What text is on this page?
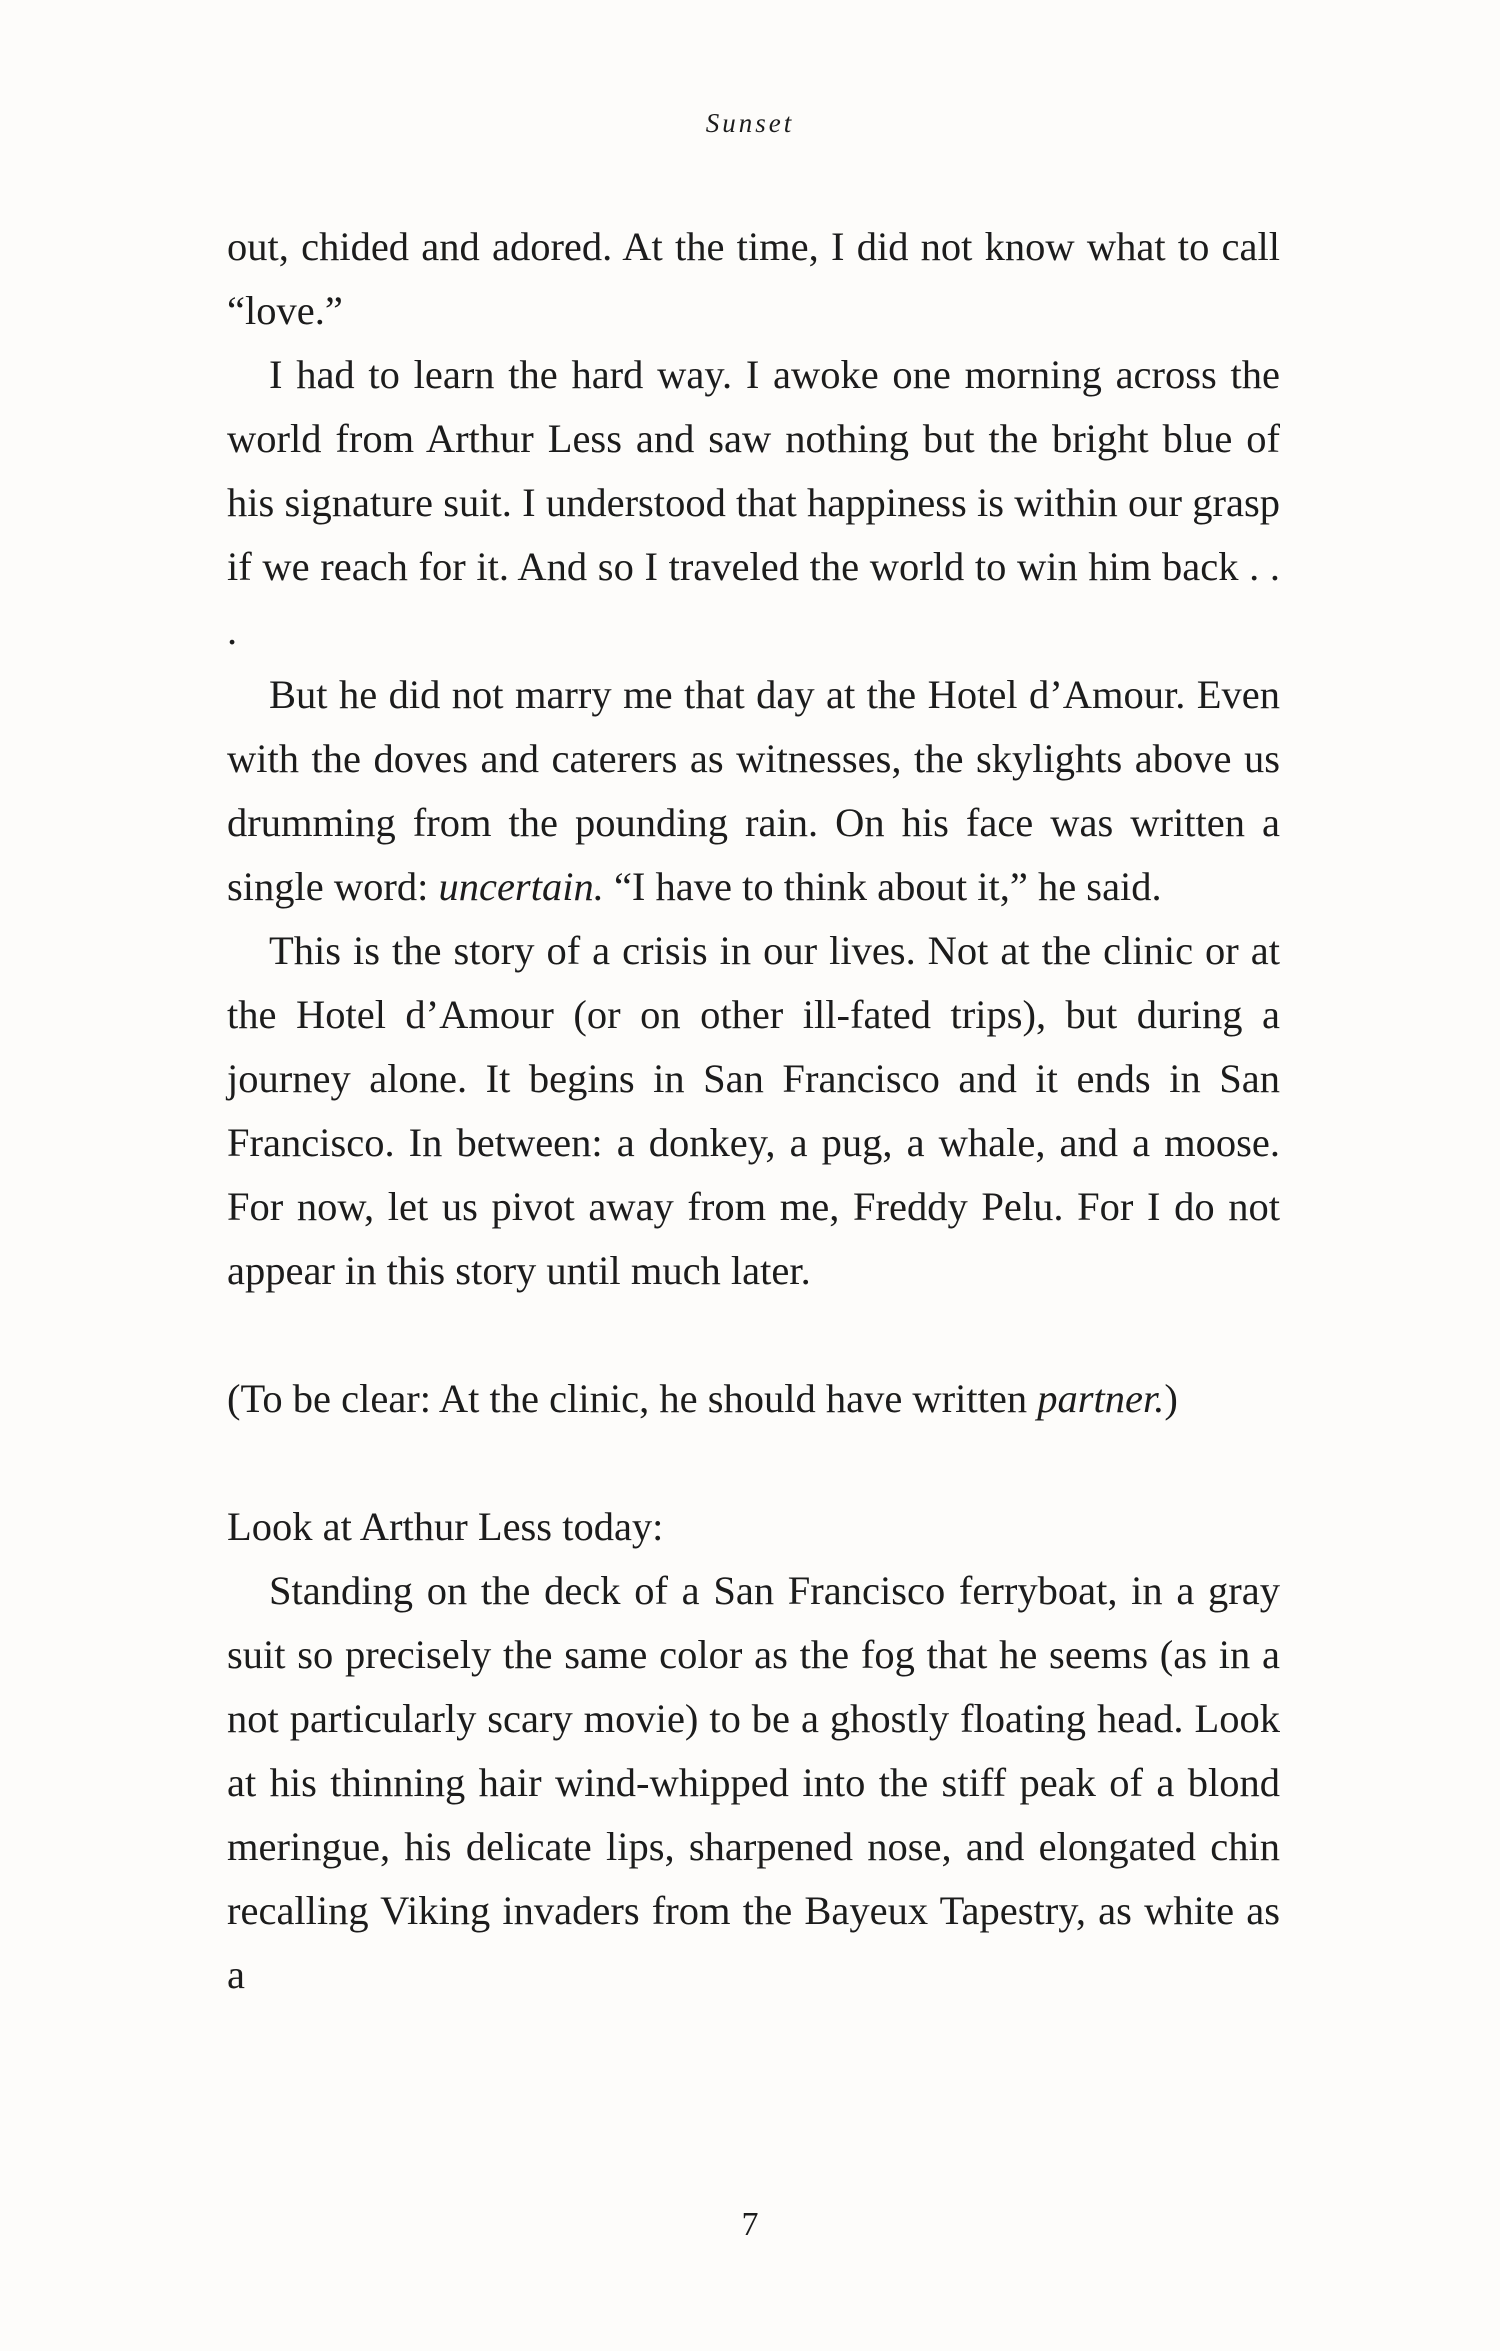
Sunset

out, chided and adored. At the time, I did not know what to call “love.”

I had to learn the hard way. I awoke one morning across the world from Arthur Less and saw nothing but the bright blue of his signature suit. I understood that happiness is within our grasp if we reach for it. And so I traveled the world to win him back . . .

But he did not marry me that day at the Hotel d’Amour. Even with the doves and caterers as witnesses, the skylights above us drumming from the pounding rain. On his face was written a single word: uncertain. “I have to think about it,” he said.

This is the story of a crisis in our lives. Not at the clinic or at the Hotel d’Amour (or on other ill-fated trips), but during a journey alone. It begins in San Francisco and it ends in San Francisco. In between: a donkey, a pug, a whale, and a moose. For now, let us pivot away from me, Freddy Pelu. For I do not appear in this story until much later.

(To be clear: At the clinic, he should have written partner.)

Look at Arthur Less today:

Standing on the deck of a San Francisco ferryboat, in a gray suit so precisely the same color as the fog that he seems (as in a not particularly scary movie) to be a ghostly floating head. Look at his thinning hair wind-whipped into the stiff peak of a blond meringue, his delicate lips, sharpened nose, and elongated chin recalling Viking invaders from the Bayeux Tapestry, as white as a

7
